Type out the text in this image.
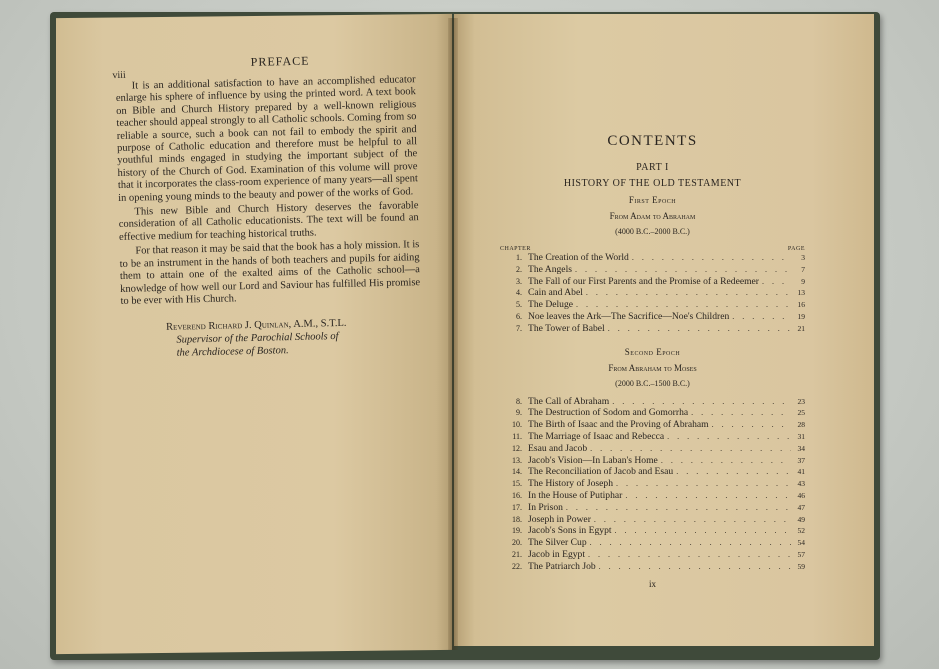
viii
PREFACE

It is an additional satisfaction to have an accomplished educator enlarge his sphere of influence by using the printed word. A text book on Bible and Church History prepared by a well-known religious teacher should appeal strongly to all Catholic schools. Coming from so reliable a source, such a book can not fail to embody the spirit and purpose of Catholic education and therefore must be helpful to all youthful minds engaged in studying the important subject of the history of the Church of God. Examination of this volume will prove that it incorporates the class-room experience of many years—all spent in opening young minds to the beauty and power of the works of God.

This new Bible and Church History deserves the favorable consideration of all Catholic educationists. The text will be found an effective medium for teaching historical truths.

For that reason it may be said that the book has a holy mission. It is to be an instrument in the hands of both teachers and pupils for aiding them to attain one of the exalted aims of the Catholic school—a knowledge of how well our Lord and Saviour has fulfilled His promise to be ever with His Church.

Reverend Richard J. Quinlan, A.M., S.T.L.
Supervisor of the Parochial Schools of
the Archdiocese of Boston.
CONTENTS
PART I
HISTORY OF THE OLD TESTAMENT
First Epoch
From Adam to Abraham
(4000 B.C.–2000 B.C.)
CHAPTER	PAGE
1. The Creation of the World . . .	3
2. The Angels . . .	7
3. The Fall of our First Parents and the Promise of a Redeemer . . .	9
4. Cain and Abel . . .	13
5. The Deluge . . .	16
6. Noe leaves the Ark—The Sacrifice—Noe's Children . . .	19
7. The Tower of Babel . . .	21
Second Epoch
From Abraham to Moses
(2000 B.C.–1500 B.C.)
8. The Call of Abraham . . .	23
9. The Destruction of Sodom and Gomorrha . . .	25
10. The Birth of Isaac and the Proving of Abraham . . .	28
11. The Marriage of Isaac and Rebecca . . .	31
12. Esau and Jacob . . .	34
13. Jacob's Vision—In Laban's Home . . .	37
14. The Reconciliation of Jacob and Esau . . .	41
15. The History of Joseph . . .	43
16. In the House of Putiphar . . .	46
17. In Prison . . .	47
18. Joseph in Power . . .	49
19. Jacob's Sons in Egypt . . .	52
20. The Silver Cup . . .	54
21. Jacob in Egypt . . .	57
22. The Patriarch Job . . .	59
ix
